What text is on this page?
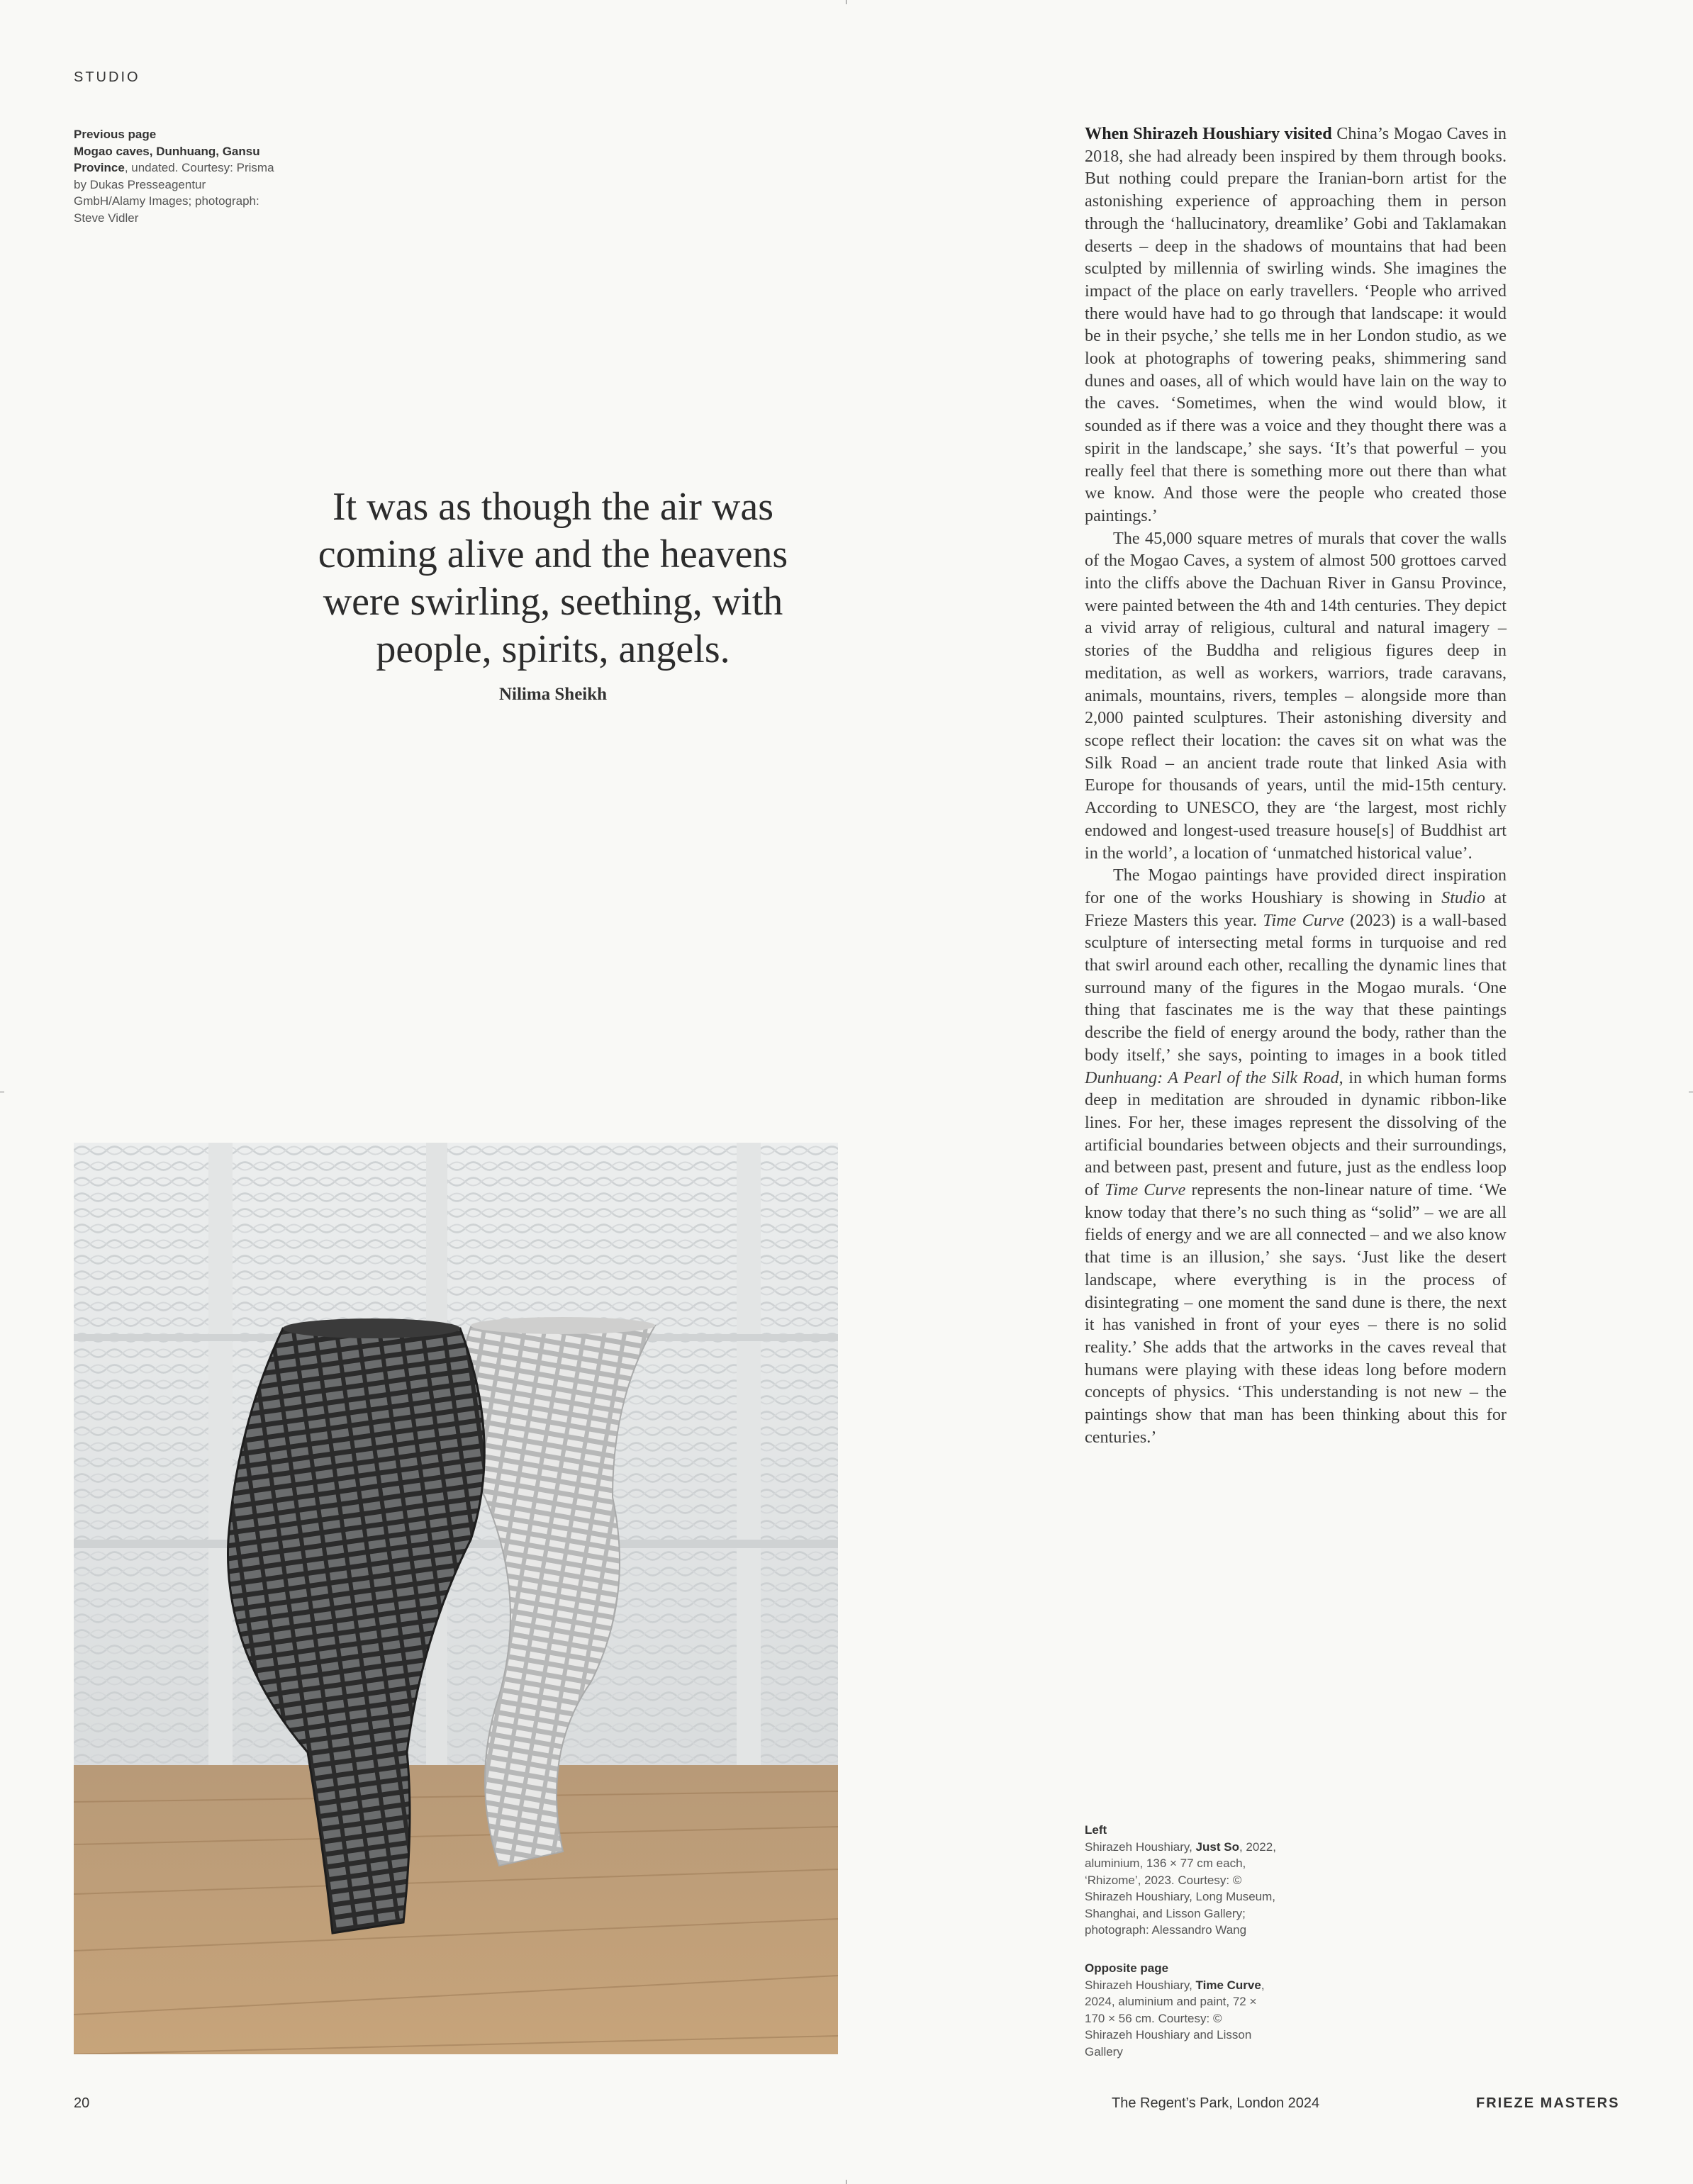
STUDIO
Previous page
Mogao caves, Dunhuang, Gansu Province, undated. Courtesy: Prisma by Dukas Presseagentur GmbH/Alamy Images; photograph: Steve Vidler
It was as though the air was coming alive and the heavens were swirling, seething, with people, spirits, angels.
Nilima Sheikh

When Shirazeh Houshiary visited China’s Mogao Caves in 2018, she had already been inspired by them through books. But nothing could prepare the Iranian-born artist for the astonishing experience of approaching them in person through the ‘hallucinatory, dreamlike’ Gobi and Taklamakan deserts – deep in the shadows of mountains that had been sculpted by millennia of swirling winds. She imagines the impact of the place on early travellers. ‘People who arrived there would have had to go through that landscape: it would be in their psyche,’ she tells me in her London studio, as we look at photographs of towering peaks, shimmering sand dunes and oases, all of which would have lain on the way to the caves. ‘Sometimes, when the wind would blow, it sounded as if there was a voice and they thought there was a spirit in the landscape,’ she says. ‘It’s that powerful – you really feel that there is something more out there than what we know. And those were the people who created those paintings.’

The 45,000 square metres of murals that cover the walls of the Mogao Caves, a system of almost 500 grottoes carved into the cliffs above the Dachuan River in Gansu Province, were painted between the 4th and 14th centuries. They depict a vivid array of religious, cultural and natural imagery – stories of the Buddha and religious figures deep in meditation, as well as workers, warriors, trade caravans, animals, mountains, rivers, temples – alongside more than 2,000 painted sculptures. Their astonishing diversity and scope reflect their location: the caves sit on what was the Silk Road – an ancient trade route that linked Asia with Europe for thousands of years, until the mid-15th century. According to UNESCO, they are ‘the largest, most richly endowed and longest-used treasure house[s] of Buddhist art in the world’, a location of ‘unmatched historical value’.

The Mogao paintings have provided direct inspiration for one of the works Houshiary is showing in Studio at Frieze Masters this year. Time Curve (2023) is a wall-based sculpture of intersecting metal forms in turquoise and red that swirl around each other, recalling the dynamic lines that surround many of the figures in the Mogao murals. ‘One thing that fascinates me is the way that these paintings describe the field of energy around the body, rather than the body itself,’ she says, pointing to images in a book titled Dunhuang: A Pearl of the Silk Road, in which human forms deep in meditation are shrouded in dynamic ribbon-like lines. For her, these images represent the dissolving of the artificial boundaries between objects and their surroundings, and between past, present and future, just as the endless loop of Time Curve represents the non-linear nature of time. ‘We know today that there’s no such thing as “solid” – we are all fields of energy and we are all connected – and we also know that time is an illusion,’ she says. ‘Just like the desert landscape, where everything is in the process of disintegrating – one moment the sand dune is there, the next it has vanished in front of your eyes – there is no solid reality.’ She adds that the artworks in the caves reveal that humans were playing with these ideas long before modern concepts of physics. ‘This understanding is not new – the paintings show that man has been thinking about this for centuries.’

Left
Shirazeh Houshiary, Just So, 2022, aluminium, 136 × 77 cm each, ‘Rhizome’, 2023. Courtesy: © Shirazeh Houshiary, Long Museum, Shanghai, and Lisson Gallery; photograph: Alessandro Wang
Opposite page
Shirazeh Houshiary, Time Curve, 2024, aluminium and paint, 72 × 170 × 56 cm. Courtesy: © Shirazeh Houshiary and Lisson Gallery
20	The Regent’s Park, London 2024	FRIEZE MASTERS
